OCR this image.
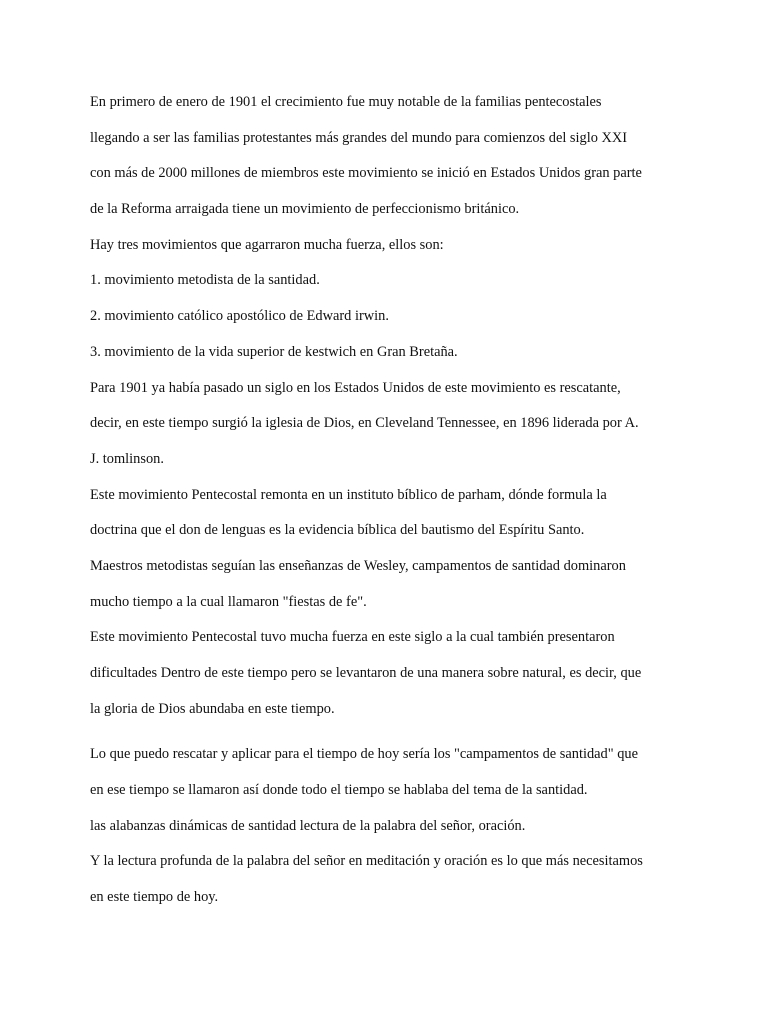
En primero de enero de 1901 el crecimiento fue muy notable de la familias pentecostales
llegando a ser las familias protestantes más grandes del mundo para comienzos del siglo XXI
con más de 2000 millones de miembros este movimiento se inició en Estados Unidos gran parte
de la Reforma arraigada tiene un movimiento de perfeccionismo británico.

Hay tres movimientos que agarraron mucha fuerza, ellos son:

1. movimiento metodista de la santidad.

2. movimiento católico apostólico de Edward irwin.

3. movimiento de la vida superior de kestwich en Gran Bretaña.

Para 1901 ya había pasado un siglo en los Estados Unidos de este movimiento es rescatante,
decir, en este tiempo surgió la iglesia de Dios, en Cleveland Tennessee, en 1896 liderada por A.
J. tomlinson.

Este movimiento Pentecostal remonta en un instituto bíblico de parham, dónde formula la
doctrina que el don de lenguas es la evidencia bíblica del bautismo del Espíritu Santo.

Maestros metodistas seguían las enseñanzas de Wesley, campamentos de santidad dominaron
mucho tiempo a la cual llamaron "fiestas de fe".

Este movimiento Pentecostal tuvo mucha fuerza en este siglo a la cual también presentaron
dificultades Dentro de este tiempo pero se levantaron de una manera sobre natural, es decir, que
la gloria de Dios abundaba en este tiempo.

Lo que puedo rescatar y aplicar para el tiempo de hoy sería los "campamentos de santidad" que
en ese tiempo se llamaron así donde todo el tiempo se hablaba del tema de la santidad.

las alabanzas dinámicas de santidad lectura de la palabra del señor, oración.

Y la lectura profunda de la palabra del señor en meditación y oración es lo que más necesitamos
en este tiempo de hoy.
